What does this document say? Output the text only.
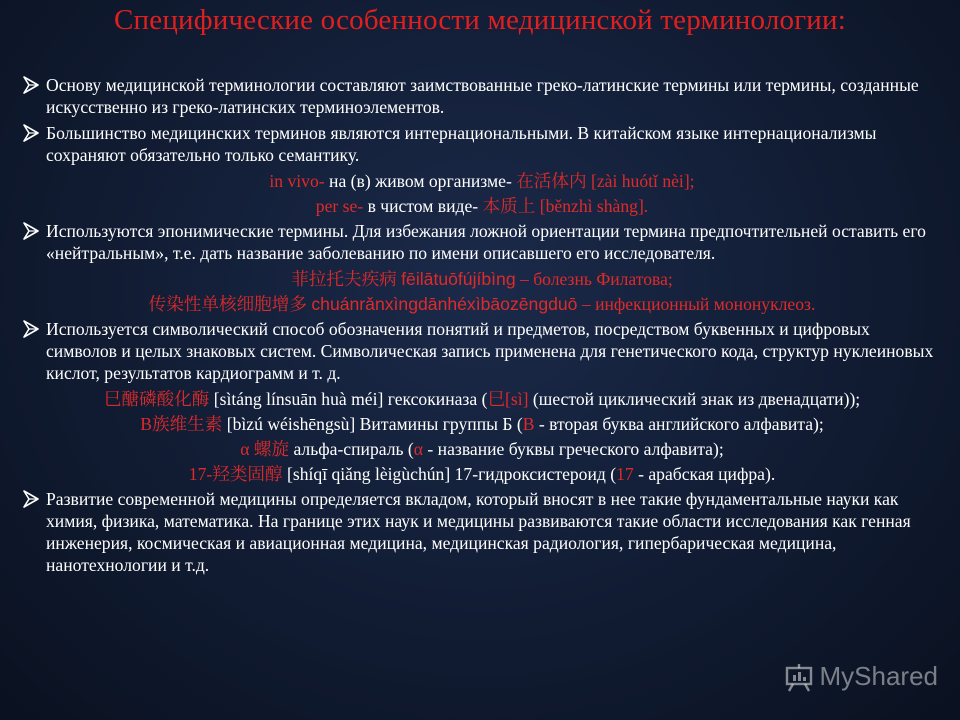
Специфические особенности медицинской терминологии:
Основу медицинской терминологии составляют заимствованные греко-латинские термины или термины, созданные искусственно из греко-латинских терминоэлементов.
Большинство медицинских терминов являются интернациональными. В китайском языке интернационализмы сохраняют обязательно только семантику.
in vivo- на (в) живом организме- 在活体内 [zài huótǐ nèi];
per se- в чистом виде- 本质上 [běnzhì shàng].
Используются эпонимические термины. Для избежания ложной ориентации термина предпочтительней оставить его «нейтральным», т.е. дать название заболеванию по имени описавшего его исследователя.
菲拉托夫疾病 fēilātuōfújíbìng – болезнь Филатова;
传染性单核细胞增多 chuánrǎnxìngdānhéxìbāozēngduō – инфекционный мононуклеоз.
Используется символический способ обозначения понятий и предметов, посредством буквенных и цифровых символов и целых знаковых систем. Символическая запись применена для генетического кода, структур нуклеиновых кислот, результатов кардиограмм и т. д.
巳醣磷酸化酶 [sìtáng línsuān huà méi] гексокиназа (巳[sì] (шестой циклический знак из двенадцати));
B族维生素 [bìzú wéishēngsù] Витамины группы Б (B - вторая буква английского алфавита);
α 螺旋 альфа-спираль (α - название буквы греческого алфавита);
17-羟类固醇 [shíqī qiǎng lèigùchún] 17-гидроксистероид (17 - арабская цифра).
Развитие современной медицины определяется вкладом, который вносят в нее такие фундаментальные науки как химия, физика, математика. На границе этих наук и медицины развиваются такие области исследования как генная инженерия, космическая и авиационная медицина, медицинская радиология, гипербарическая медицина, нанотехнологии и т.д.
MyShared
